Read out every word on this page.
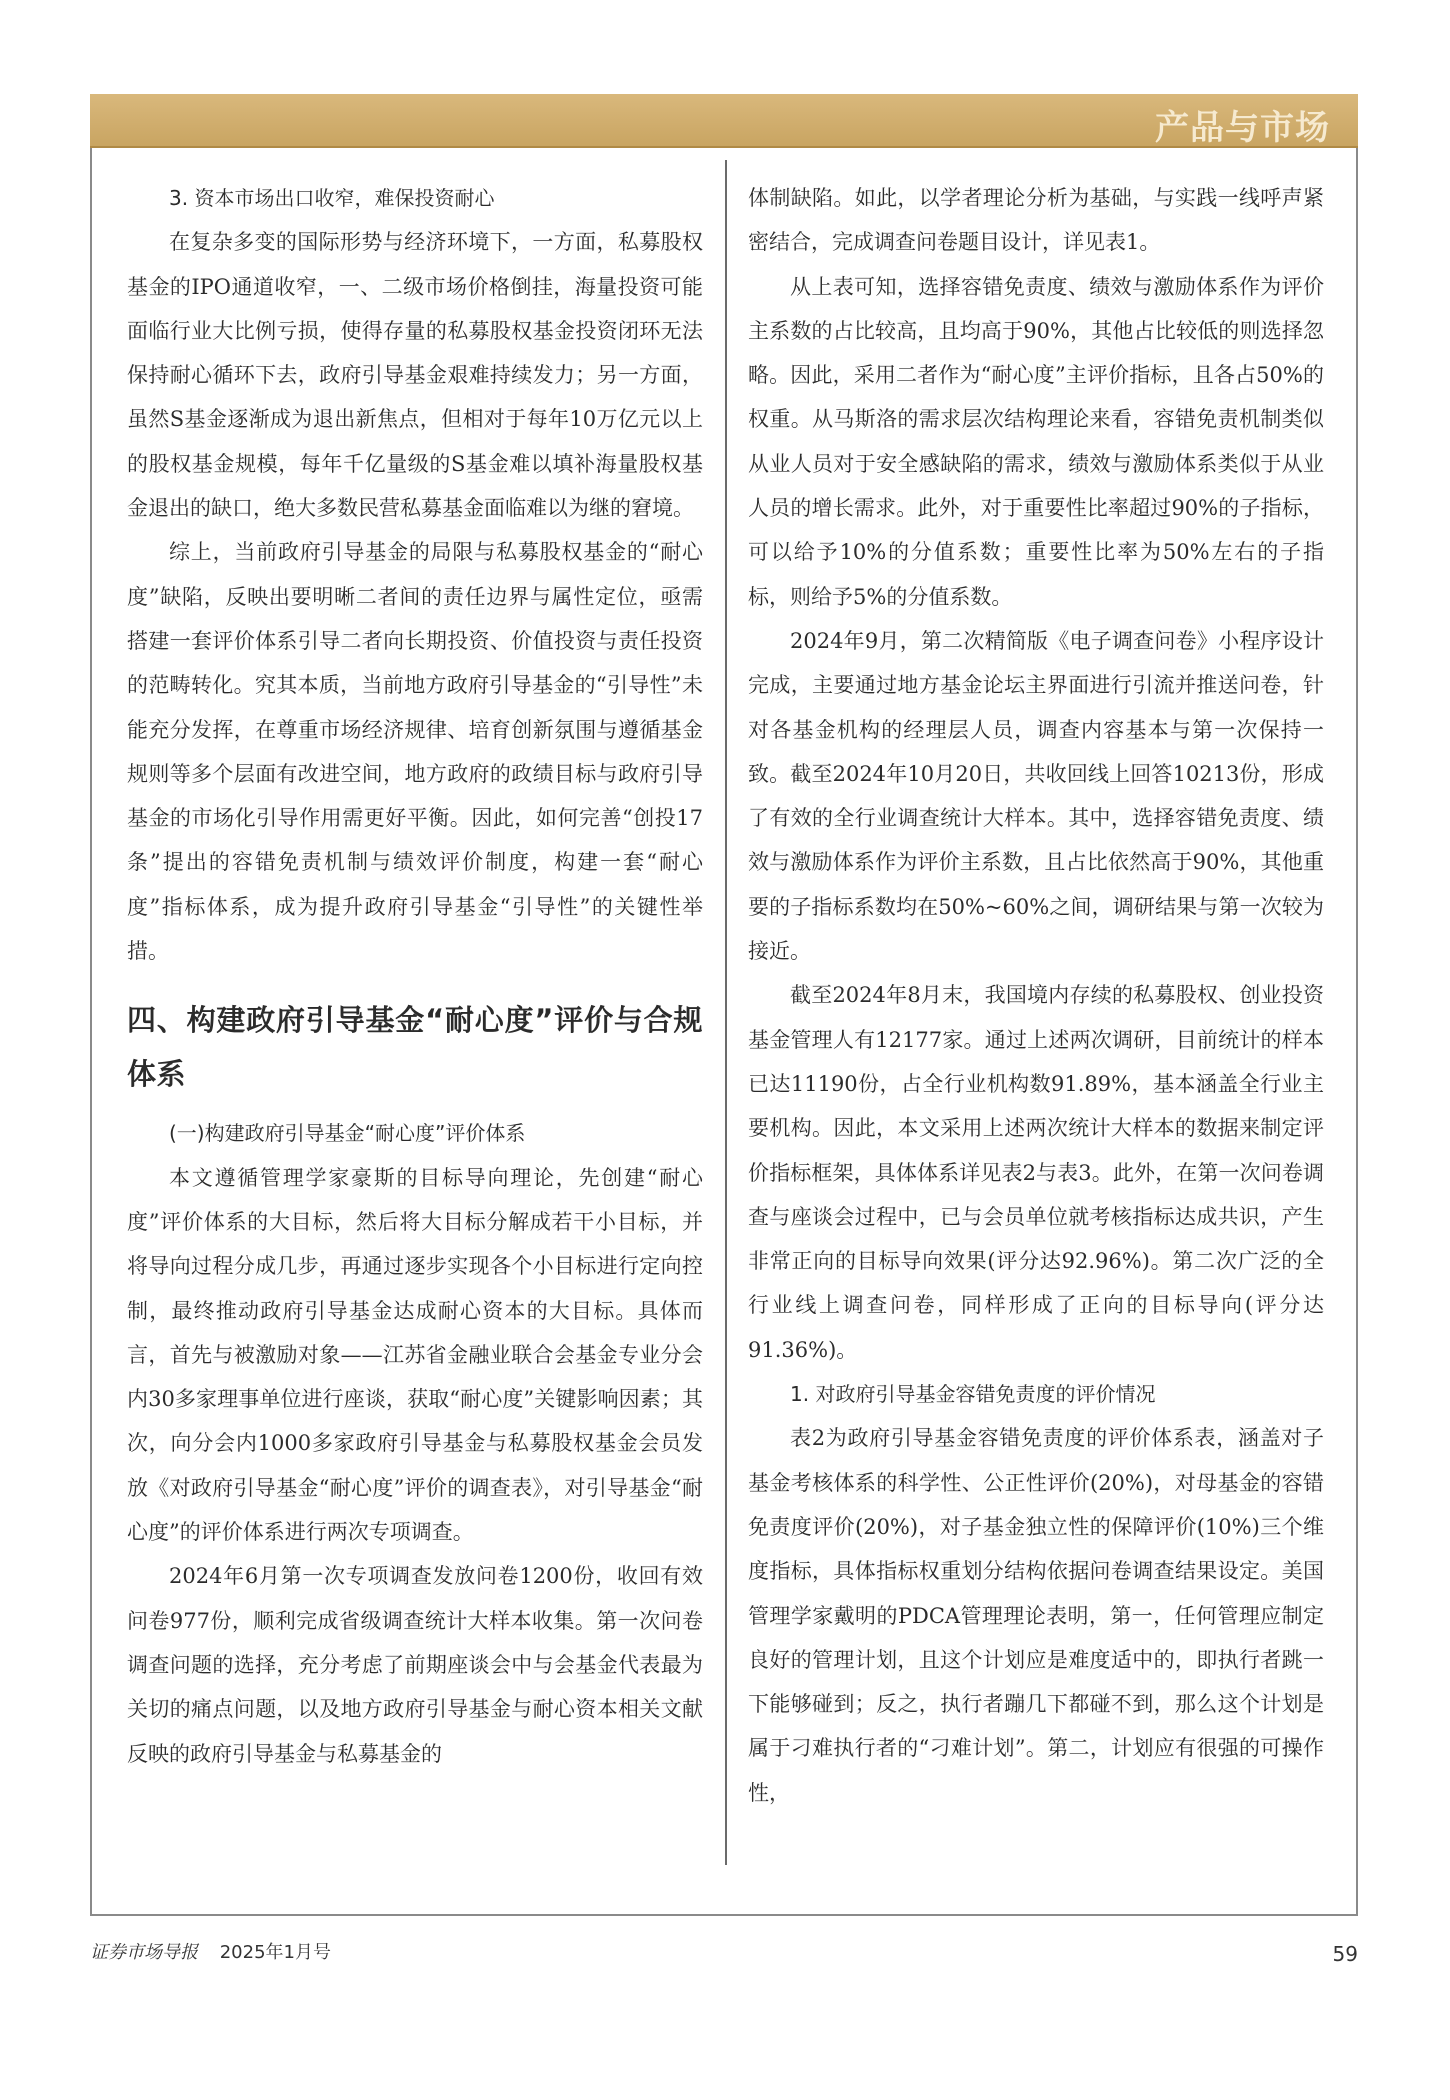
产品与市场
3. 资本市场出口收窄，难保投资耐心

在复杂多变的国际形势与经济环境下，一方面，私募股权基金的IPO通道收窄，一、二级市场价格倒挂，海量投资可能面临行业大比例亏损，使得存量的私募股权基金投资闭环无法保持耐心循环下去，政府引导基金艰难持续发力；另一方面，虽然S基金逐渐成为退出新焦点，但相对于每年10万亿元以上的股权基金规模，每年千亿量级的S基金难以填补海量股权基金退出的缺口，绝大多数民营私募基金面临难以为继的窘境。

综上，当前政府引导基金的局限与私募股权基金的“耐心度”缺陷，反映出要明晰二者间的责任边界与属性定位，亟需搭建一套评价体系引导二者向长期投资、价值投资与责任投资的范畴转化。究其本质，当前地方政府引导基金的“引导性”未能充分发挥，在尊重市场经济规律、培育创新氛围与遵循基金规则等多个层面有改进空间，地方政府的政绩目标与政府引导基金的市场化引导作用需更好平衡。因此，如何完善“创投17条”提出的容错免责机制与绩效评价制度，构建一套“耐心度”指标体系，成为提升政府引导基金“引导性”的关键性举措。

四、构建政府引导基金“耐心度”评价与合规体系
(一)构建政府引导基金“耐心度”评价体系

本文遵循管理学家豪斯的目标导向理论，先创建“耐心度”评价体系的大目标，然后将大目标分解成若干小目标，并将导向过程分成几步，再通过逐步实现各个小目标进行定向控制，最终推动政府引导基金达成耐心资本的大目标。具体而言，首先与被激励对象——江苏省金融业联合会基金专业分会内30多家理事单位进行座谈，获取“耐心度”关键影响因素；其次，向分会内1000多家政府引导基金与私募股权基金会员发放《对政府引导基金“耐心度”评价的调查表》，对引导基金“耐心度”的评价体系进行两次专项调查。

2024年6月第一次专项调查发放问卷1200份，收回有效问卷977份，顺利完成省级调查统计大样本收集。第一次问卷调查问题的选择，充分考虑了前期座谈会中与会基金代表最为关切的痛点问题，以及地方政府引导基金与耐心资本相关文献反映的政府引导基金与私募基金的

体制缺陷。如此，以学者理论分析为基础，与实践一线呼声紧密结合，完成调查问卷题目设计，详见表1。

从上表可知，选择容错免责度、绩效与激励体系作为评价主系数的占比较高，且均高于90%，其他占比较低的则选择忽略。因此，采用二者作为“耐心度”主评价指标，且各占50%的权重。从马斯洛的需求层次结构理论来看，容错免责机制类似从业人员对于安全感缺陷的需求，绩效与激励体系类似于从业人员的增长需求。此外，对于重要性比率超过90%的子指标，可以给予10%的分值系数；重要性比率为50%左右的子指标，则给予5%的分值系数。

2024年9月，第二次精简版《电子调查问卷》小程序设计完成，主要通过地方基金论坛主界面进行引流并推送问卷，针对各基金机构的经理层人员，调查内容基本与第一次保持一致。截至2024年10月20日，共收回线上回答10213份，形成了有效的全行业调查统计大样本。其中，选择容错免责度、绩效与激励体系作为评价主系数，且占比依然高于90%，其他重要的子指标系数均在50%~60%之间，调研结果与第一次较为接近。

截至2024年8月末，我国境内存续的私募股权、创业投资基金管理人有12177家。通过上述两次调研，目前统计的样本已达11190份，占全行业机构数91.89%，基本涵盖全行业主要机构。因此，本文采用上述两次统计大样本的数据来制定评价指标框架，具体体系详见表2与表3。此外，在第一次问卷调查与座谈会过程中，已与会员单位就考核指标达成共识，产生非常正向的目标导向效果(评分达92.96%)。第二次广泛的全行业线上调查问卷，同样形成了正向的目标导向(评分达91.36%)。

1. 对政府引导基金容错免责度的评价情况

表2为政府引导基金容错免责度的评价体系表，涵盖对子基金考核体系的科学性、公正性评价(20%)，对母基金的容错免责度评价(20%)，对子基金独立性的保障评价(10%)三个维度指标，具体指标权重划分结构依据问卷调查结果设定。美国管理学家戴明的PDCA管理理论表明，第一，任何管理应制定良好的管理计划，且这个计划应是难度适中的，即执行者跳一下能够碰到；反之，执行者蹦几下都碰不到，那么这个计划是属于刁难执行者的“刁难计划”。第二，计划应有很强的可操作性，

证券市场导报 2025年1月号	59
